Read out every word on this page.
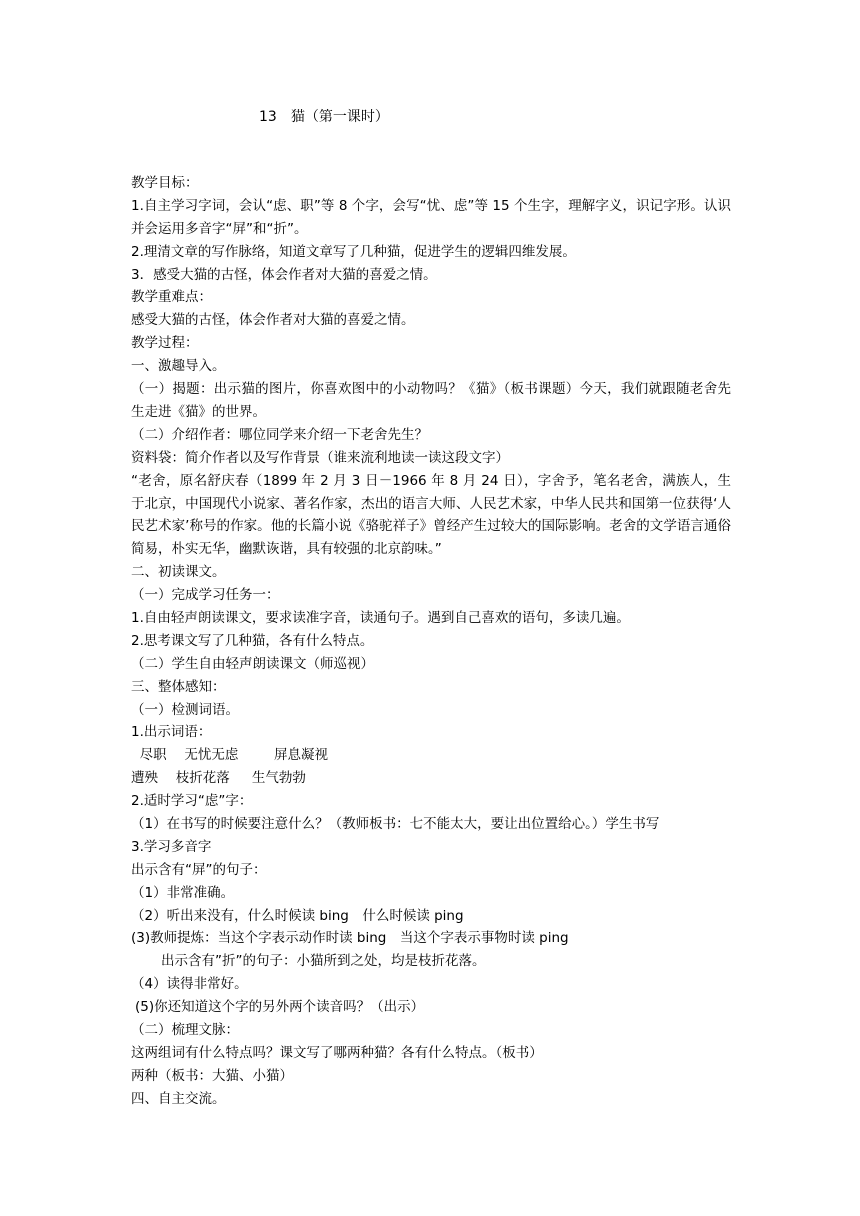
13　猫（第一课时）
教学目标：
1.自主学习字词，会认“虑、职”等 8 个字，会写“忧、虑”等 15 个生字，理解字义，识记字形。认识并会运用多音字“屏”和“折”。
2.理清文章的写作脉络，知道文章写了几种猫，促进学生的逻辑四维发展。
3．感受大猫的古怪，体会作者对大猫的喜爱之情。
教学重难点：
感受大猫的古怪，体会作者对大猫的喜爱之情。
教学过程：
一、激趣导入。
（一）揭题：出示猫的图片，你喜欢图中的小动物吗？《猫》（板书课题）今天，我们就跟随老舍先生走进《猫》的世界。
（二）介绍作者：哪位同学来介绍一下老舍先生？
资料袋：简介作者以及写作背景（谁来流利地读一读这段文字）
“老舍，原名舒庆春（1899 年 2 月 3 日－1966 年 8 月 24 日），字舍予，笔名老舍，满族人，生于北京，中国现代小说家、著名作家，杰出的语言大师、人民艺术家，中华人民共和国第一位获得‘人民艺术家’称号的作家。他的长篇小说《骆驼祥子》曾经产生过较大的国际影响。老舍的文学语言通俗简易，朴实无华，幽默诙谐，具有较强的北京韵味。”
二、初读课文。
（一）完成学习任务一：
1.自由轻声朗读课文，要求读准字音，读通句子。遇到自己喜欢的语句，多读几遍。
2.思考课文写了几种猫，各有什么特点。
（二）学生自由轻声朗读课文（师巡视）
三、整体感知：
（一）检测词语。
1.出示词语：
尽职　 无忧无虑　　  屏息凝视
遭殃　 枝折花落　  生气勃勃
2.适时学习“虑”字：
（1）在书写的时候要注意什么？（教师板书：七不能太大，要让出位置给心。）学生书写
3.学习多音字
出示含有“屏”的句子：
（1）非常准确。
（2）听出来没有，什么时候读 bing　什么时候读 ping
(3)教师提炼：当这个字表示动作时读 bing　当这个字表示事物时读 ping
出示含有”折”的句子：小猫所到之处，均是枝折花落。
（4）读得非常好。
(5)你还知道这个字的另外两个读音吗？（出示）
（二）梳理文脉：
这两组词有什么特点吗？课文写了哪两种猫？各有什么特点。（板书）
两种（板书：大猫、小猫）
四、自主交流。
